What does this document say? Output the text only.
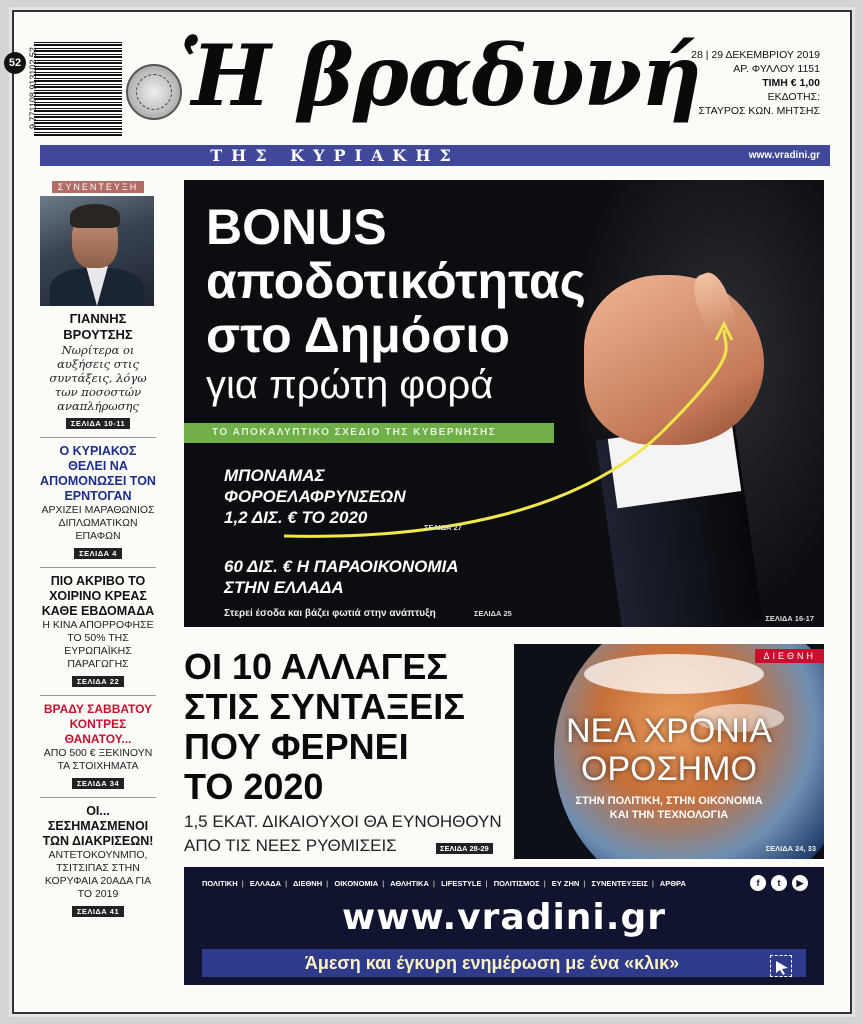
52 9 771108 913102 52 Ἡ βραδυνή
28 | 29 ΔΕΚΕΜΒΡΙΟΥ 2019
ΑΡ. ΦΥΛΛΟΥ 1151
ΤΙΜΗ € 1,00
ΕΚΔΟΤΗΣ:
ΣΤΑΥΡΟΣ ΚΩΝ. ΜΗΤΣΗΣ
ΤΗΣ ΚΥΡΙΑΚΗΣ	www.vradini.gr
ΣΥΝΕΝΤΕΥΞΗ
ΓΙΑΝΝΗΣ
ΒΡΟΥΤΣΗΣ
Νωρίτερα οι αυξήσεις στις συντάξεις, λόγω των ποσοστών αναπλήρωσης
ΣΕΛΙΔΑ 10-11
Ο ΚΥΡΙΑΚΟΣ ΘΕΛΕΙ ΝΑ ΑΠΟΜΟΝΩΣΕΙ ΤΟΝ ΕΡΝΤΟΓΑΝ
ΑΡΧΙΖΕΙ ΜΑΡΑΘΩΝΙΟΣ ΔΙΠΛΩΜΑΤΙΚΩΝ ΕΠΑΦΩΝ
ΣΕΛΙΔΑ 4
ΠΙΟ ΑΚΡΙΒΟ ΤΟ ΧΟΙΡΙΝΟ ΚΡΕΑΣ ΚΑΘΕ ΕΒΔΟΜΑΔΑ
Η ΚΙΝΑ ΑΠΟΡΡΟΦΗΣΕ ΤΟ 50% ΤΗΣ ΕΥΡΩΠΑΪΚΗΣ ΠΑΡΑΓΩΓΗΣ
ΣΕΛΙΔΑ 22
ΒΡΑΔΥ ΣΑΒΒΑΤΟΥ ΚΟΝΤΡΕΣ ΘΑΝΑΤΟΥ...
ΑΠΟ 500 € ΞΕΚΙΝΟΥΝ ΤΑ ΣΤΟΙΧΗΜΑΤΑ
ΣΕΛΙΔΑ 34
ΟΙ... ΣΕΣΗΜΑΣΜΕΝΟΙ ΤΩΝ ΔΙΑΚΡΙΣΕΩΝ!
ΑΝΤΕΤΟΚΟΥΝΜΠΟ, ΤΣΙΤΣΙΠΑΣ ΣΤΗΝ ΚΟΡΥΦΑΙΑ 20ΑΔΑ ΓΙΑ ΤΟ 2019
ΣΕΛΙΔΑ 41
BONUS
αποδοτικότητας
στο Δημόσιο
για πρώτη φορά
ΤΟ ΑΠΟΚΑΛΥΠΤΙΚΟ ΣΧΕΔΙΟ ΤΗΣ ΚΥΒΕΡΝΗΣΗΣ
ΜΠΟΝΑΜΑΣ
ΦΟΡΟΕΛΑΦΡΥΝΣΕΩΝ
1,2 ΔΙΣ. € ΤΟ 2020
ΣΕΛΙΔΑ 27
60 ΔΙΣ. € Η ΠΑΡΑΟΙΚΟΝΟΜΙΑ
ΣΤΗΝ ΕΛΛΑΔΑ
Στερεί έσοδα και βάζει φωτιά στην ανάπτυξη	ΣΕΛΙΔΑ 25
ΣΕΛΙΔΑ 16-17
ΟΙ 10 ΑΛΛΑΓΕΣ
ΣΤΙΣ ΣΥΝΤΑΞΕΙΣ
ΠΟΥ ΦΕΡΝΕΙ
ΤΟ 2020
1,5 ΕΚΑΤ. ΔΙΚΑΙΟΥΧΟΙ ΘΑ ΕΥΝΟΗΘΟΥΝ
ΑΠΟ ΤΙΣ ΝΕΕΣ ΡΥΘΜΙΣΕΙΣ	ΣΕΛΙΔΑ 28-29
ΔΙΕΘΝΗ
ΝΕΑ ΧΡΟΝΙΑ
ΟΡΟΣΗΜΟ
ΣΤΗΝ ΠΟΛΙΤΙΚΗ, ΣΤΗΝ ΟΙΚΟΝΟΜΙΑ
ΚΑΙ ΤΗΝ ΤΕΧΝΟΛΟΓΙΑ
ΣΕΛΙΔΑ 24, 33
ΠΟΛΙΤΙΚΗ | ΕΛΛΑΔΑ | ΔΙΕΘΝΗ | ΟΙΚΟΝΟΜΙΑ | ΑΘΛΗΤΙΚΑ | LIFESTYLE | ΠΟΛΙΤΙΣΜΟΣ | ΕΥ ΖΗΝ | ΣΥΝΕΝΤΕΥΞΕΙΣ | ΑΡΘΡΑ	f	t	▶
www.vradini.gr
Άμεση και έγκυρη ενημέρωση με ένα «κλικ»
